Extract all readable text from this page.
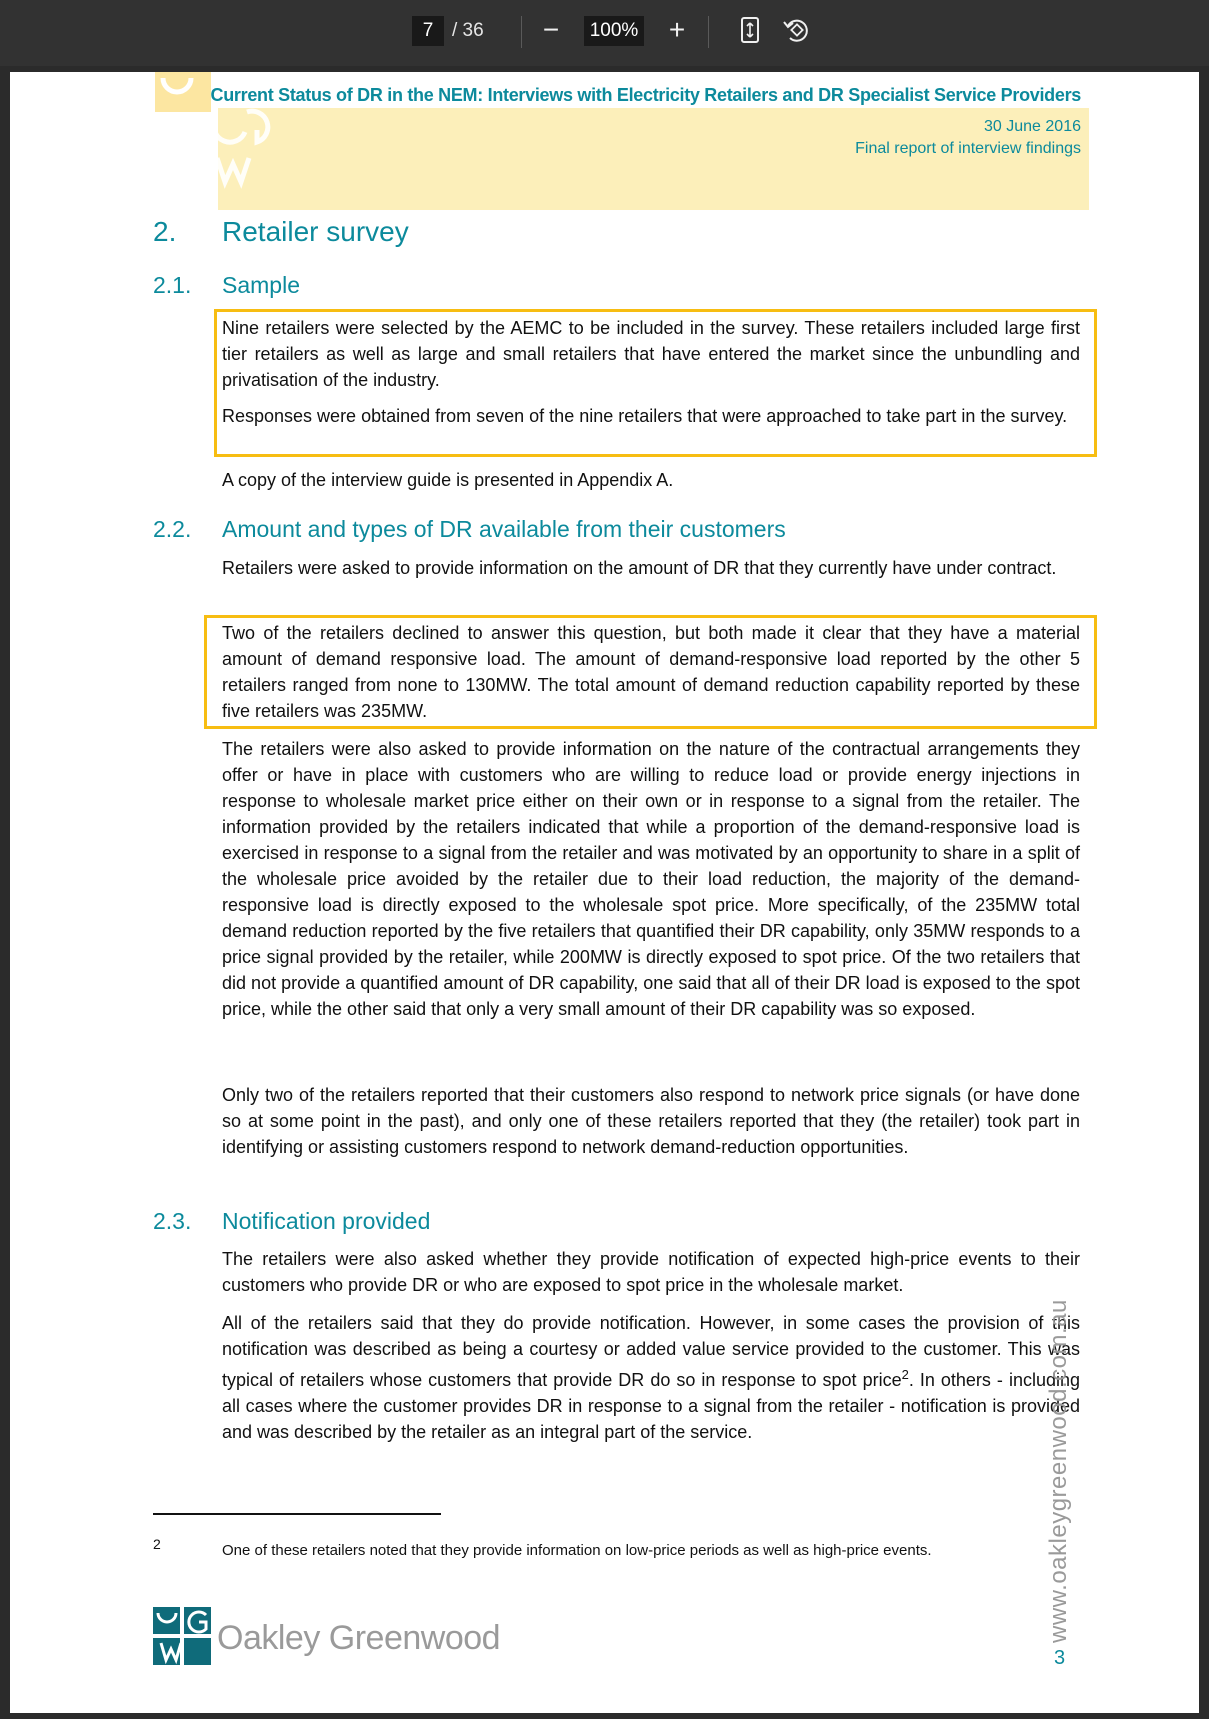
7 / 36 −	100% +
Current Status of DR in the NEM: Interviews with Electricity Retailers and DR Specialist Service Providers
30 June 2016
Final report of interview findings
2. Retailer survey
2.1. Sample

Nine retailers were selected by the AEMC to be included in the survey. These retailers included large first tier retailers as well as large and small retailers that have entered the market since the unbundling and privatisation of the industry.

Responses were obtained from seven of the nine retailers that were approached to take part in the survey.

A copy of the interview guide is presented in Appendix A.

2.2. Amount and types of DR available from their customers

Retailers were asked to provide information on the amount of DR that they currently have under contract.

Two of the retailers declined to answer this question, but both made it clear that they have a material amount of demand responsive load. The amount of demand-responsive load reported by the other 5 retailers ranged from none to 130MW. The total amount of demand reduction capability reported by these five retailers was 235MW.

The retailers were also asked to provide information on the nature of the contractual arrangements they offer or have in place with customers who are willing to reduce load or provide energy injections in response to wholesale market price either on their own or in response to a signal from the retailer. The information provided by the retailers indicated that while a proportion of the demand-responsive load is exercised in response to a signal from the retailer and was motivated by an opportunity to share in a split of the wholesale price avoided by the retailer due to their load reduction, the majority of the demand-responsive load is directly exposed to the wholesale spot price. More specifically, of the 235MW total demand reduction reported by the five retailers that quantified their DR capability, only 35MW responds to a price signal provided by the retailer, while 200MW is directly exposed to spot price. Of the two retailers that did not provide a quantified amount of DR capability, one said that all of their DR load is exposed to the spot price, while the other said that only a very small amount of their DR capability was so exposed.

Only two of the retailers reported that their customers also respond to network price signals (or have done so at some point in the past), and only one of these retailers reported that they (the retailer) took part in identifying or assisting customers respond to network demand-reduction opportunities.

2.3. Notification provided

The retailers were also asked whether they provide notification of expected high-price events to their customers who provide DR or who are exposed to spot price in the wholesale market.

All of the retailers said that they do provide notification. However, in some cases the provision of this notification was described as being a courtesy or added value service provided to the customer. This was typical of retailers whose customers that provide DR do so in response to spot price$^2$. In others - including all cases where the customer provides DR in response to a signal from the retailer - notification is provided and was described by the retailer as an integral part of the service.

2	One of these retailers noted that they provide information on low-price periods as well as high-price events.
Oakley Greenwood	www.oakleygreenwood.com.au
3
